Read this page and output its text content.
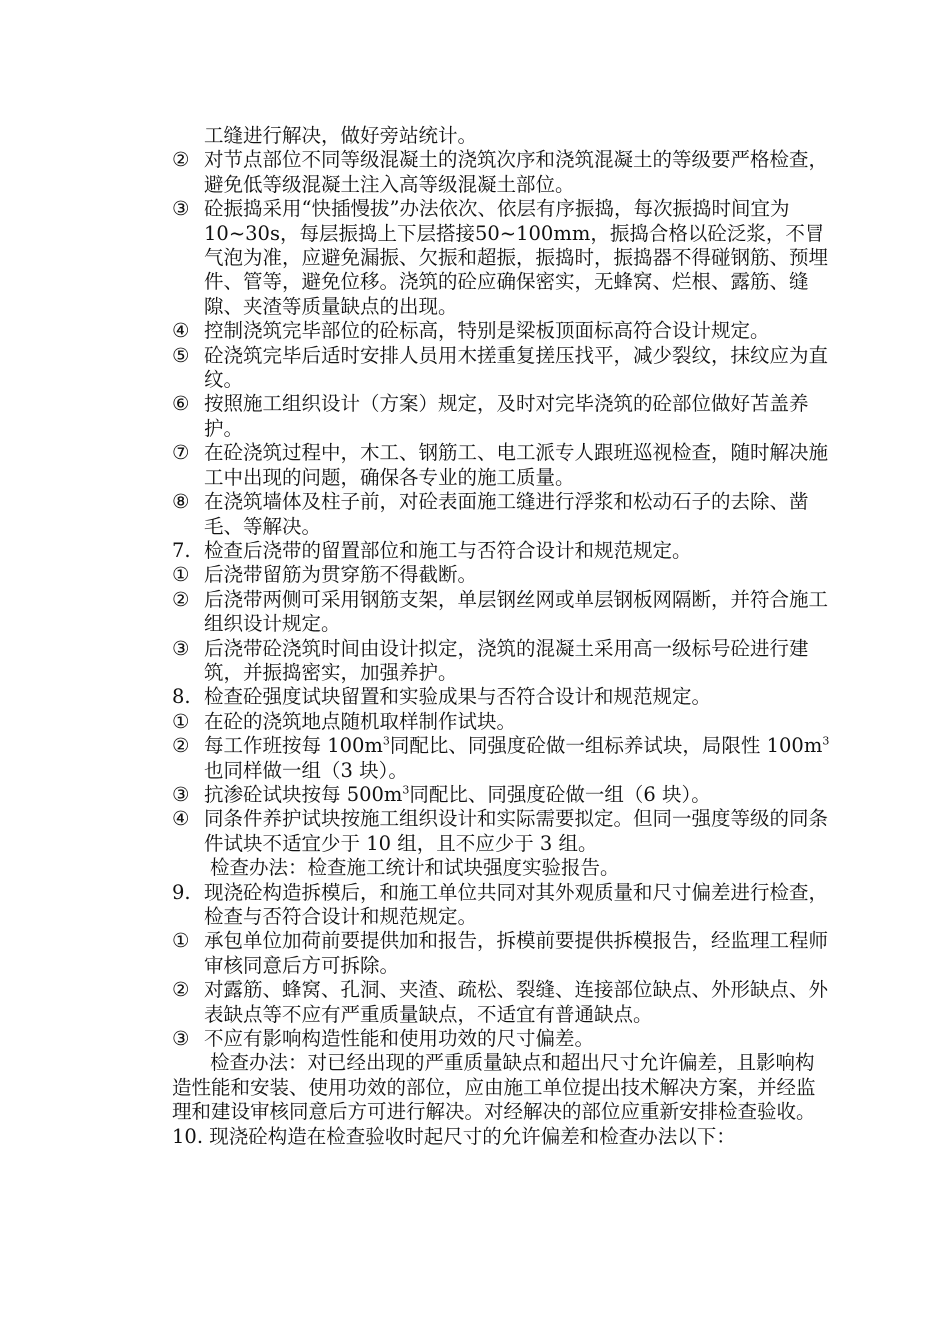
工缝进行解决，做好旁站统计。
② 对节点部位不同等级混凝土的浇筑次序和浇筑混凝土的等级要严格检查，避免低等级混凝土注入高等级混凝土部位。
③ 砼振捣采用“快插慢拔”办法依次、依层有序振捣，每次振捣时间宜为10~30s，每层振捣上下层搭接50~100mm，振捣合格以砼泛浆，不冒气泡为准，应避免漏振、欠振和超振，振捣时，振捣器不得碰钢筋、预埋件、管等，避免位移。浇筑的砼应确保密实，无蜂窝、烂根、露筋、缝隙、夹渣等质量缺点的出现。
④ 控制浇筑完毕部位的砼标高，特别是梁板顶面标高符合设计规定。
⑤ 砼浇筑完毕后适时安排人员用木搓重复搓压找平，减少裂纹，抹纹应为直纹。
⑥ 按照施工组织设计（方案）规定，及时对完毕浇筑的砼部位做好苫盖养护。
⑦ 在砼浇筑过程中，木工、钢筋工、电工派专人跟班巡视检查，随时解决施工中出现的问题，确保各专业的施工质量。
⑧ 在浇筑墙体及柱子前，对砼表面施工缝进行浮浆和松动石子的去除、凿毛、等解决。
7. 检查后浇带的留置部位和施工与否符合设计和规范规定。
① 后浇带留筋为贯穿筋不得截断。
② 后浇带两侧可采用钢筋支架，单层钢丝网或单层钢板网隔断，并符合施工组织设计规定。
③ 后浇带砼浇筑时间由设计拟定，浇筑的混凝土采用高一级标号砼进行建筑，并振捣密实，加强养护。
8. 检查砼强度试块留置和实验成果与否符合设计和规范规定。
① 在砼的浇筑地点随机取样制作试块。
② 每工作班按每 $100m^3$同配比、同强度砼做一组标养试块，局限性 $100m^3$也同样做一组（3 块）。
③ 抗渗砼试块按每 $500m^3$同配比、同强度砼做一组（6 块）。
④ 同条件养护试块按施工组织设计和实际需要拟定。但同一强度等级的同条件试块不适宜少于 10 组，且不应少于 3 组。
检查办法：检查施工统计和试块强度实验报告。
9. 现浇砼构造拆模后，和施工单位共同对其外观质量和尺寸偏差进行检查，检查与否符合设计和规范规定。
① 承包单位加荷前要提供加和报告，拆模前要提供拆模报告，经监理工程师审核同意后方可拆除。
② 对露筋、蜂窝、孔洞、夹渣、疏松、裂缝、连接部位缺点、外形缺点、外表缺点等不应有严重质量缺点，不适宜有普通缺点。
③ 不应有影响构造性能和使用功效的尺寸偏差。
检查办法：对已经出现的严重质量缺点和超出尺寸允许偏差，且影响构造性能和安装、使用功效的部位，应由施工单位提出技术解决方案，并经监理和建设审核同意后方可进行解决。对经解决的部位应重新安排检查验收。
10. 现浇砼构造在检查验收时起尺寸的允许偏差和检查办法以下：
